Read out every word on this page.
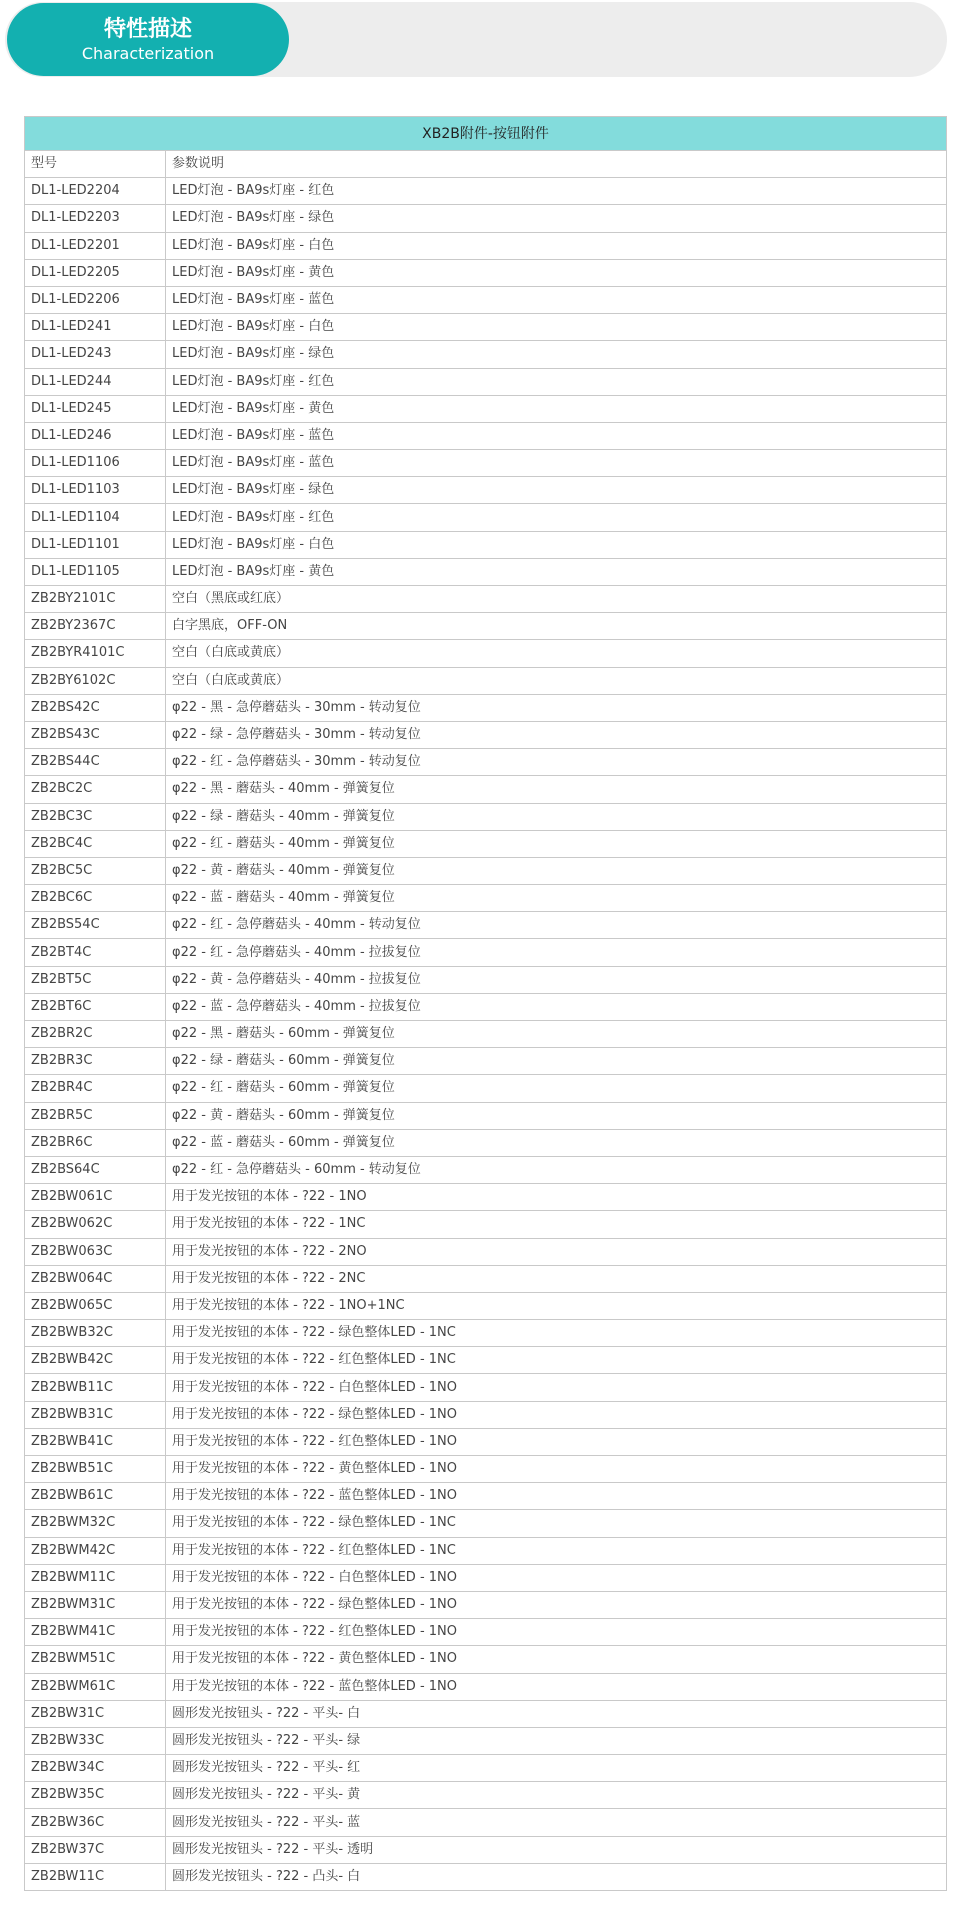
特性描述
Characterization
XB2B附件-按钮附件	
型号	参数说明
DL1-LED2204	LED灯泡 - BA9s灯座 - 红色
DL1-LED2203	LED灯泡 - BA9s灯座 - 绿色
DL1-LED2201	LED灯泡 - BA9s灯座 - 白色
DL1-LED2205	LED灯泡 - BA9s灯座 - 黄色
DL1-LED2206	LED灯泡 - BA9s灯座 - 蓝色
DL1-LED241	LED灯泡 - BA9s灯座 - 白色
DL1-LED243	LED灯泡 - BA9s灯座 - 绿色
DL1-LED244	LED灯泡 - BA9s灯座 - 红色
DL1-LED245	LED灯泡 - BA9s灯座 - 黄色
DL1-LED246	LED灯泡 - BA9s灯座 - 蓝色
DL1-LED1106	LED灯泡 - BA9s灯座 - 蓝色
DL1-LED1103	LED灯泡 - BA9s灯座 - 绿色
DL1-LED1104	LED灯泡 - BA9s灯座 - 红色
DL1-LED1101	LED灯泡 - BA9s灯座 - 白色
DL1-LED1105	LED灯泡 - BA9s灯座 - 黄色
ZB2BY2101C	空白（黑底或红底）
ZB2BY2367C	白字黑底，OFF-ON
ZB2BYR4101C	空白（白底或黄底）
ZB2BY6102C	空白（白底或黄底）
ZB2BS42C	φ22 - 黑 - 急停蘑菇头 - 30mm - 转动复位
ZB2BS43C	φ22 - 绿 - 急停蘑菇头 - 30mm - 转动复位
ZB2BS44C	φ22 - 红 - 急停蘑菇头 - 30mm - 转动复位
ZB2BC2C	φ22 - 黑 - 蘑菇头 - 40mm - 弹簧复位
ZB2BC3C	φ22 - 绿 - 蘑菇头 - 40mm - 弹簧复位
ZB2BC4C	φ22 - 红 - 蘑菇头 - 40mm - 弹簧复位
ZB2BC5C	φ22 - 黄 - 蘑菇头 - 40mm - 弹簧复位
ZB2BC6C	φ22 - 蓝 - 蘑菇头 - 40mm - 弹簧复位
ZB2BS54C	φ22 - 红 - 急停蘑菇头 - 40mm - 转动复位
ZB2BT4C	φ22 - 红 - 急停蘑菇头 - 40mm - 拉拔复位
ZB2BT5C	φ22 - 黄 - 急停蘑菇头 - 40mm - 拉拔复位
ZB2BT6C	φ22 - 蓝 - 急停蘑菇头 - 40mm - 拉拔复位
ZB2BR2C	φ22 - 黑 - 蘑菇头 - 60mm - 弹簧复位
ZB2BR3C	φ22 - 绿 - 蘑菇头 - 60mm - 弹簧复位
ZB2BR4C	φ22 - 红 - 蘑菇头 - 60mm - 弹簧复位
ZB2BR5C	φ22 - 黄 - 蘑菇头 - 60mm - 弹簧复位
ZB2BR6C	φ22 - 蓝 - 蘑菇头 - 60mm - 弹簧复位
ZB2BS64C	φ22 - 红 - 急停蘑菇头 - 60mm - 转动复位
ZB2BW061C	用于发光按钮的本体 - ?22 - 1NO
ZB2BW062C	用于发光按钮的本体 - ?22 - 1NC
ZB2BW063C	用于发光按钮的本体 - ?22 - 2NO
ZB2BW064C	用于发光按钮的本体 - ?22 - 2NC
ZB2BW065C	用于发光按钮的本体 - ?22 - 1NO+1NC
ZB2BWB32C	用于发光按钮的本体 - ?22 - 绿色整体LED - 1NC
ZB2BWB42C	用于发光按钮的本体 - ?22 - 红色整体LED - 1NC
ZB2BWB11C	用于发光按钮的本体 - ?22 - 白色整体LED - 1NO
ZB2BWB31C	用于发光按钮的本体 - ?22 - 绿色整体LED - 1NO
ZB2BWB41C	用于发光按钮的本体 - ?22 - 红色整体LED - 1NO
ZB2BWB51C	用于发光按钮的本体 - ?22 - 黄色整体LED - 1NO
ZB2BWB61C	用于发光按钮的本体 - ?22 - 蓝色整体LED - 1NO
ZB2BWM32C	用于发光按钮的本体 - ?22 - 绿色整体LED - 1NC
ZB2BWM42C	用于发光按钮的本体 - ?22 - 红色整体LED - 1NC
ZB2BWM11C	用于发光按钮的本体 - ?22 - 白色整体LED - 1NO
ZB2BWM31C	用于发光按钮的本体 - ?22 - 绿色整体LED - 1NO
ZB2BWM41C	用于发光按钮的本体 - ?22 - 红色整体LED - 1NO
ZB2BWM51C	用于发光按钮的本体 - ?22 - 黄色整体LED - 1NO
ZB2BWM61C	用于发光按钮的本体 - ?22 - 蓝色整体LED - 1NO
ZB2BW31C	圆形发光按钮头 - ?22 - 平头- 白
ZB2BW33C	圆形发光按钮头 - ?22 - 平头- 绿
ZB2BW34C	圆形发光按钮头 - ?22 - 平头- 红
ZB2BW35C	圆形发光按钮头 - ?22 - 平头- 黄
ZB2BW36C	圆形发光按钮头 - ?22 - 平头- 蓝
ZB2BW37C	圆形发光按钮头 - ?22 - 平头- 透明
ZB2BW11C	圆形发光按钮头 - ?22 - 凸头- 白
